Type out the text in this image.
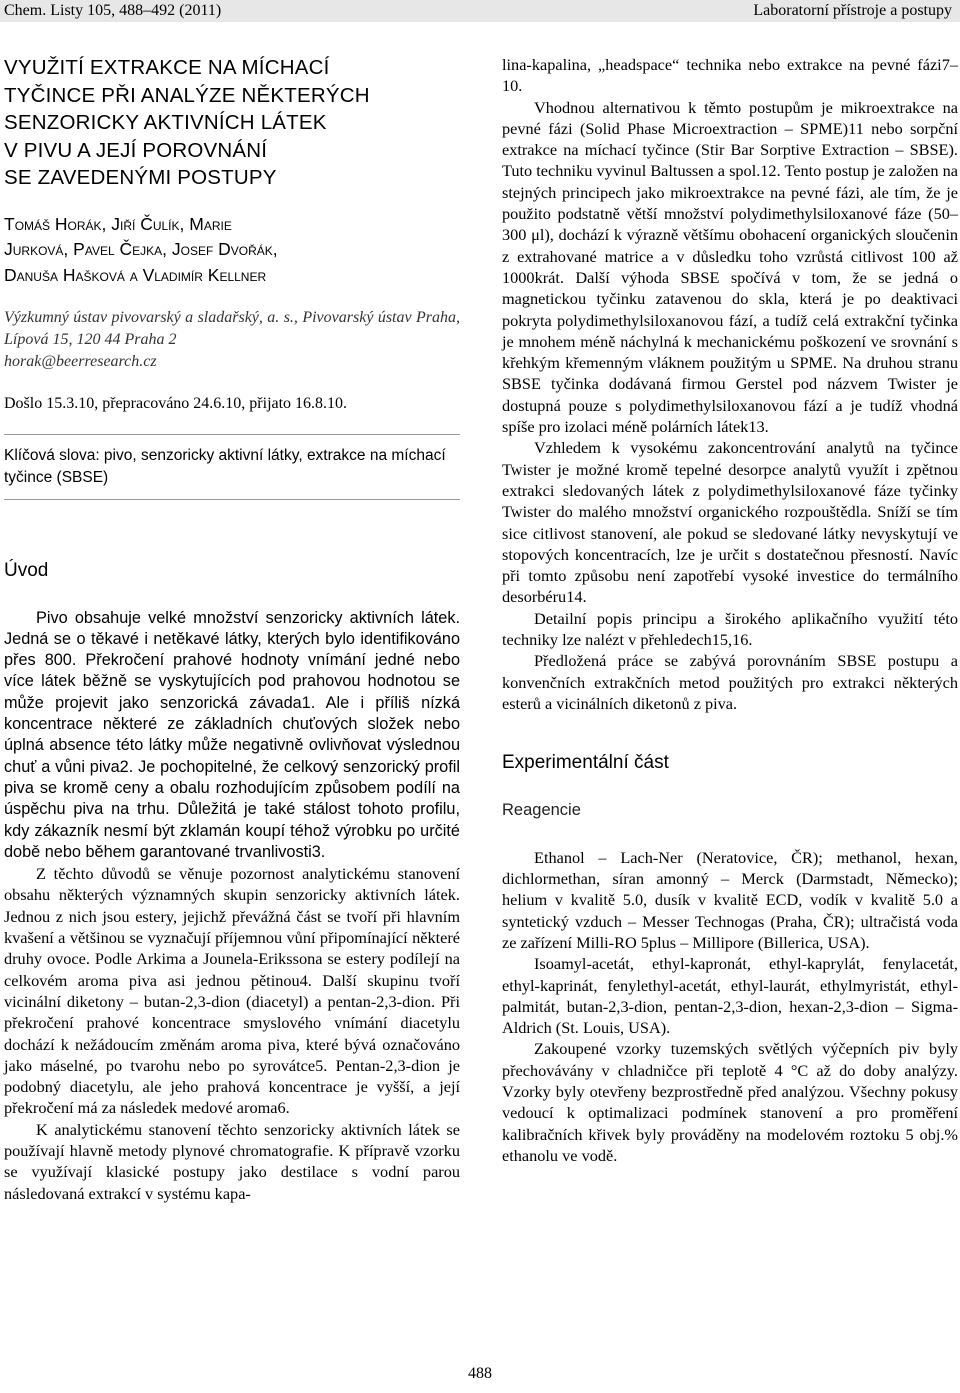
Chem. Listy 105, 488–492 (2011)	Laboratorní přístroje a postupy
VYUŽITÍ EXTRAKCE NA MÍCHACÍ
TYČINCE PŘI ANALÝZE NĚKTERÝCH
SENZORICKY AKTIVNÍCH LÁTEK
V PIVU A JEJÍ POROVNÁNÍ
SE ZAVEDENÝMI POSTUPY
Tomáš Horák, Jiří Čulík, Marie
Jurková, Pavel Čejka, Josef Dvořák,
Danuša Hašková a Vladimír Kellner
Výzkumný ústav pivovarský a sladařský, a. s., Pivovarský ústav Praha, Lípová 15, 120 44 Praha 2
horak@beerresearch.cz
Došlo 15.3.10, přepracováno 24.6.10, přijato 16.8.10.
Klíčová slova: pivo, senzoricky aktivní látky, extrakce na míchací tyčince (SBSE)
Úvod

Pivo obsahuje velké množství senzoricky aktivních látek. Jedná se o těkavé i netěkavé látky, kterých bylo identifikováno přes 800. Překročení prahové hodnoty vnímání jedné nebo více látek běžně se vyskytujících pod prahovou hodnotou se může projevit jako senzorická závada1. Ale i příliš nízká koncentrace některé ze základních chuťových složek nebo úplná absence této látky může negativně ovlivňovat výslednou chuť a vůni piva2. Je pochopitelné, že celkový senzorický profil piva se kromě ceny a obalu rozhodujícím způsobem podílí na úspěchu piva na trhu. Důležitá je také stálost tohoto profilu, kdy zákazník nesmí být zklamán koupí téhož výrobku po určité době nebo během garantované trvanlivosti3.

Z těchto důvodů se věnuje pozornost analytickému stanovení obsahu některých významných skupin senzoricky aktivních látek. Jednou z nich jsou estery, jejichž převážná část se tvoří při hlavním kvašení a většinou se vyznačují příjemnou vůní připomínající některé druhy ovoce. Podle Arkima a Jounela-Erikssona se estery podílejí na celkovém aroma piva asi jednou pětinou4. Další skupinu tvoří vicinální diketony – butan-2,3-dion (diacetyl) a pentan-2,3-dion. Při překročení prahové koncentrace smyslového vnímání diacetylu dochází k nežádoucím změnám aroma piva, které bývá označováno jako máselné, po tvarohu nebo po syrovátce5. Pentan-2,3-dion je podobný diacetylu, ale jeho prahová koncentrace je vyšší, a její překročení má za následek medové aroma6.

K analytickému stanovení těchto senzoricky aktivních látek se používají hlavně metody plynové chromatografie. K přípravě vzorku se využívají klasické postupy jako destilace s vodní parou následovaná extrakcí v systému kapa-

lina-kapalina, „headspace“ technika nebo extrakce na pevné fázi7–10.

Vhodnou alternativou k těmto postupům je mikroextrakce na pevné fázi (Solid Phase Microextraction – SPME)11 nebo sorpční extrakce na míchací tyčince (Stir Bar Sorptive Extraction – SBSE). Tuto techniku vyvinul Baltussen a spol.12. Tento postup je založen na stejných principech jako mikroextrakce na pevné fázi, ale tím, že je použito podstatně větší množství polydimethylsiloxanové fáze (50–300 μl), dochází k výrazně většímu obohacení organických sloučenin z extrahované matrice a v důsledku toho vzrůstá citlivost 100 až 1000krát. Další výhoda SBSE spočívá v tom, že se jedná o magnetickou tyčinku zatavenou do skla, která je po deaktivaci pokryta polydimethylsiloxanovou fází, a tudíž celá extrakční tyčinka je mnohem méně náchylná k mechanickému poškození ve srovnání s křehkým křemenným vláknem použitým u SPME. Na druhou stranu SBSE tyčinka dodávaná firmou Gerstel pod názvem Twister je dostupná pouze s polydimethylsiloxanovou fází a je tudíž vhodná spíše pro izolaci méně polárních látek13.

Vzhledem k vysokému zakoncentrování analytů na tyčince Twister je možné kromě tepelné desorpce analytů využít i zpětnou extrakci sledovaných látek z polydimethylsiloxanové fáze tyčinky Twister do malého množství organického rozpouštědla. Sníží se tím sice citlivost stanovení, ale pokud se sledované látky nevyskytují ve stopových koncentracích, lze je určit s dostatečnou přesností. Navíc při tomto způsobu není zapotřebí vysoké investice do termálního desorbéru14.

Detailní popis principu a širokého aplikačního využití této techniky lze nalézt v přehledech15,16.

Předložená práce se zabývá porovnáním SBSE postupu a konvenčních extrakčních metod použitých pro extrakci některých esterů a vicinálních diketonů z piva.

Experimentální část
Reagencie

Ethanol – Lach-Ner (Neratovice, ČR); methanol, hexan, dichlormethan, síran amonný – Merck (Darmstadt, Německo); helium v kvalitě 5.0, dusík v kvalitě ECD, vodík v kvalitě 5.0 a syntetický vzduch – Messer Technogas (Praha, ČR); ultračistá voda ze zařízení Milli-RO 5plus – Millipore (Billerica, USA).

Isoamyl-acetát, ethyl-kapronát, ethyl-kaprylát, fenylacetát, ethyl-kaprinát, fenylethyl-acetát, ethyl-laurát, ethylmyristát, ethyl-palmitát, butan-2,3-dion, pentan-2,3-dion, hexan-2,3-dion – Sigma-Aldrich (St. Louis, USA).

Zakoupené vzorky tuzemských světlých výčepních piv byly přechovávány v chladničce při teplotě 4 °C až do doby analýzy. Vzorky byly otevřeny bezprostředně před analýzou. Všechny pokusy vedoucí k optimalizaci podmínek stanovení a pro proměření kalibračních křivek byly prováděny na modelovém roztoku 5 obj.% ethanolu ve vodě.

488
